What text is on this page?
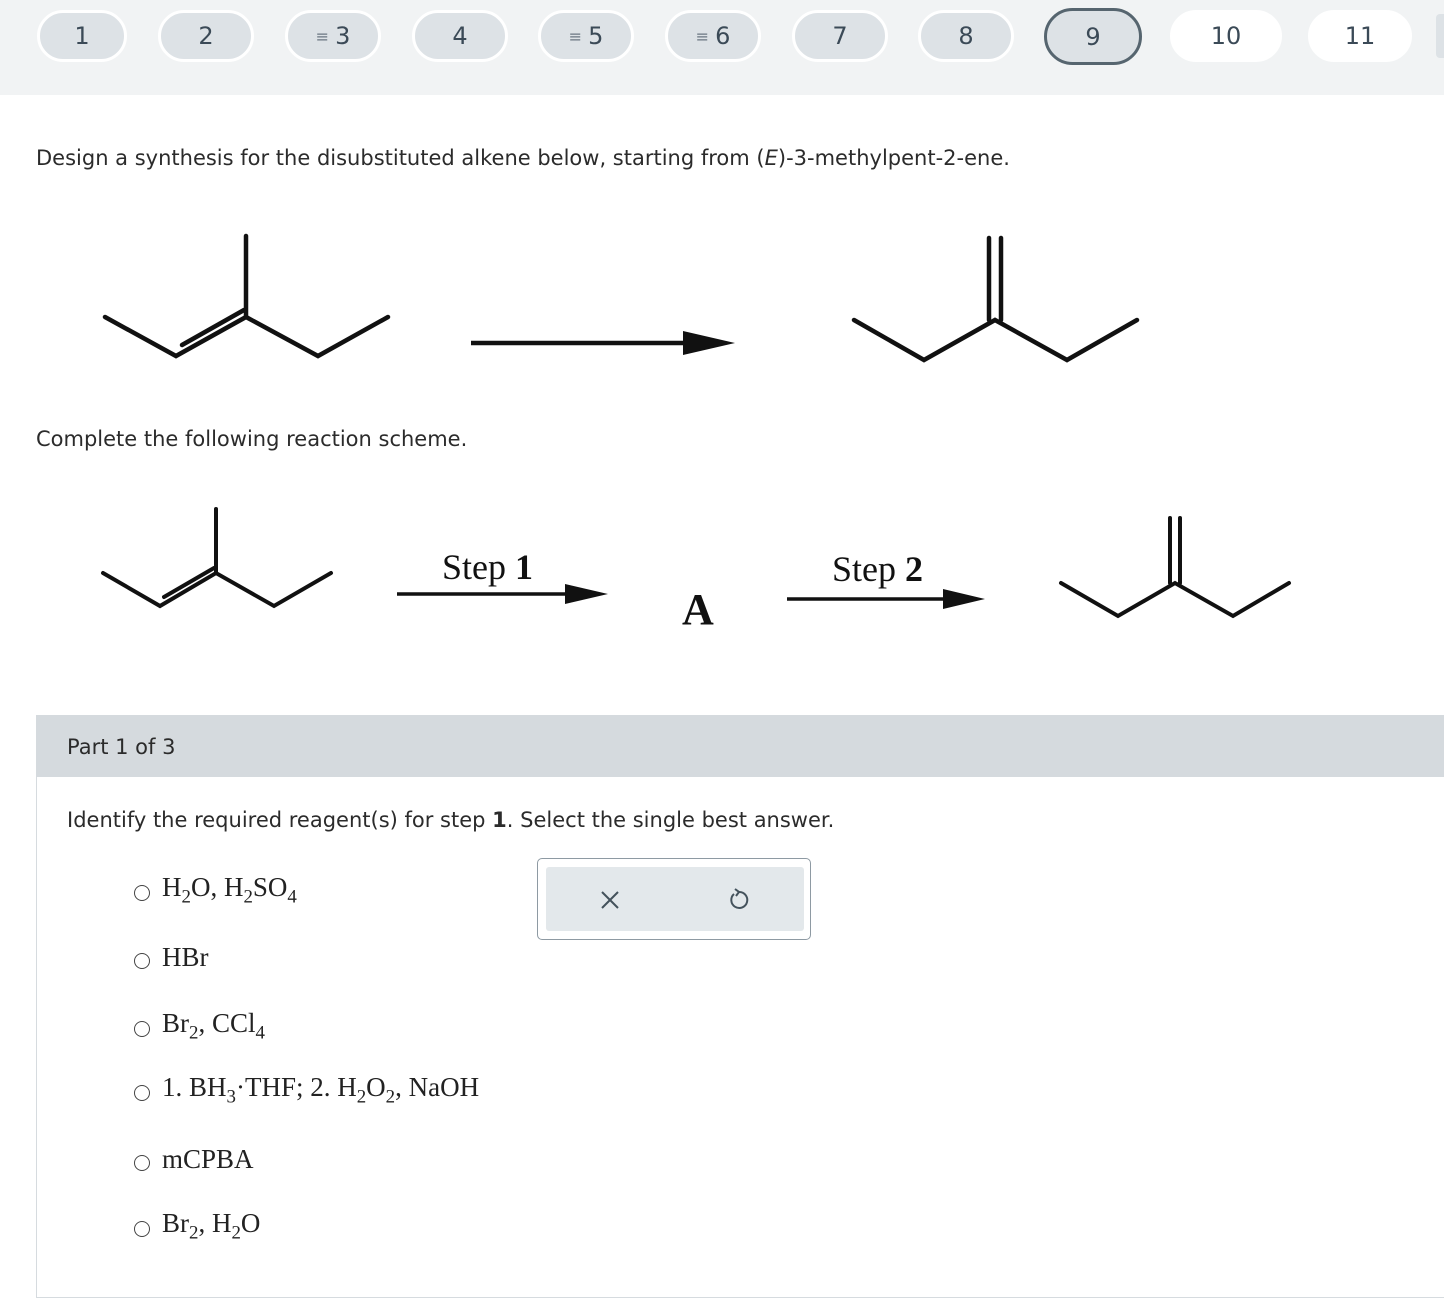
1	2	≡ 3	4	≡ 5	≡ 6	7	8	9	10	11
Design a synthesis for the disubstituted alkene below, starting from (E)-3-methylpent-2-ene.
Complete the following reaction scheme.
Step 1
A
Step 2
Part 1 of 3
Identify the required reagent(s) for step 1. Select the single best answer.
$H_2O$, $H_2SO_4$
HBr
$Br_2$, CCl$_4$
1. $BH_3\cdot THF$; 2. $H_2O_2$, NaOH
mCPBA
$Br_2$, $H_2O$
